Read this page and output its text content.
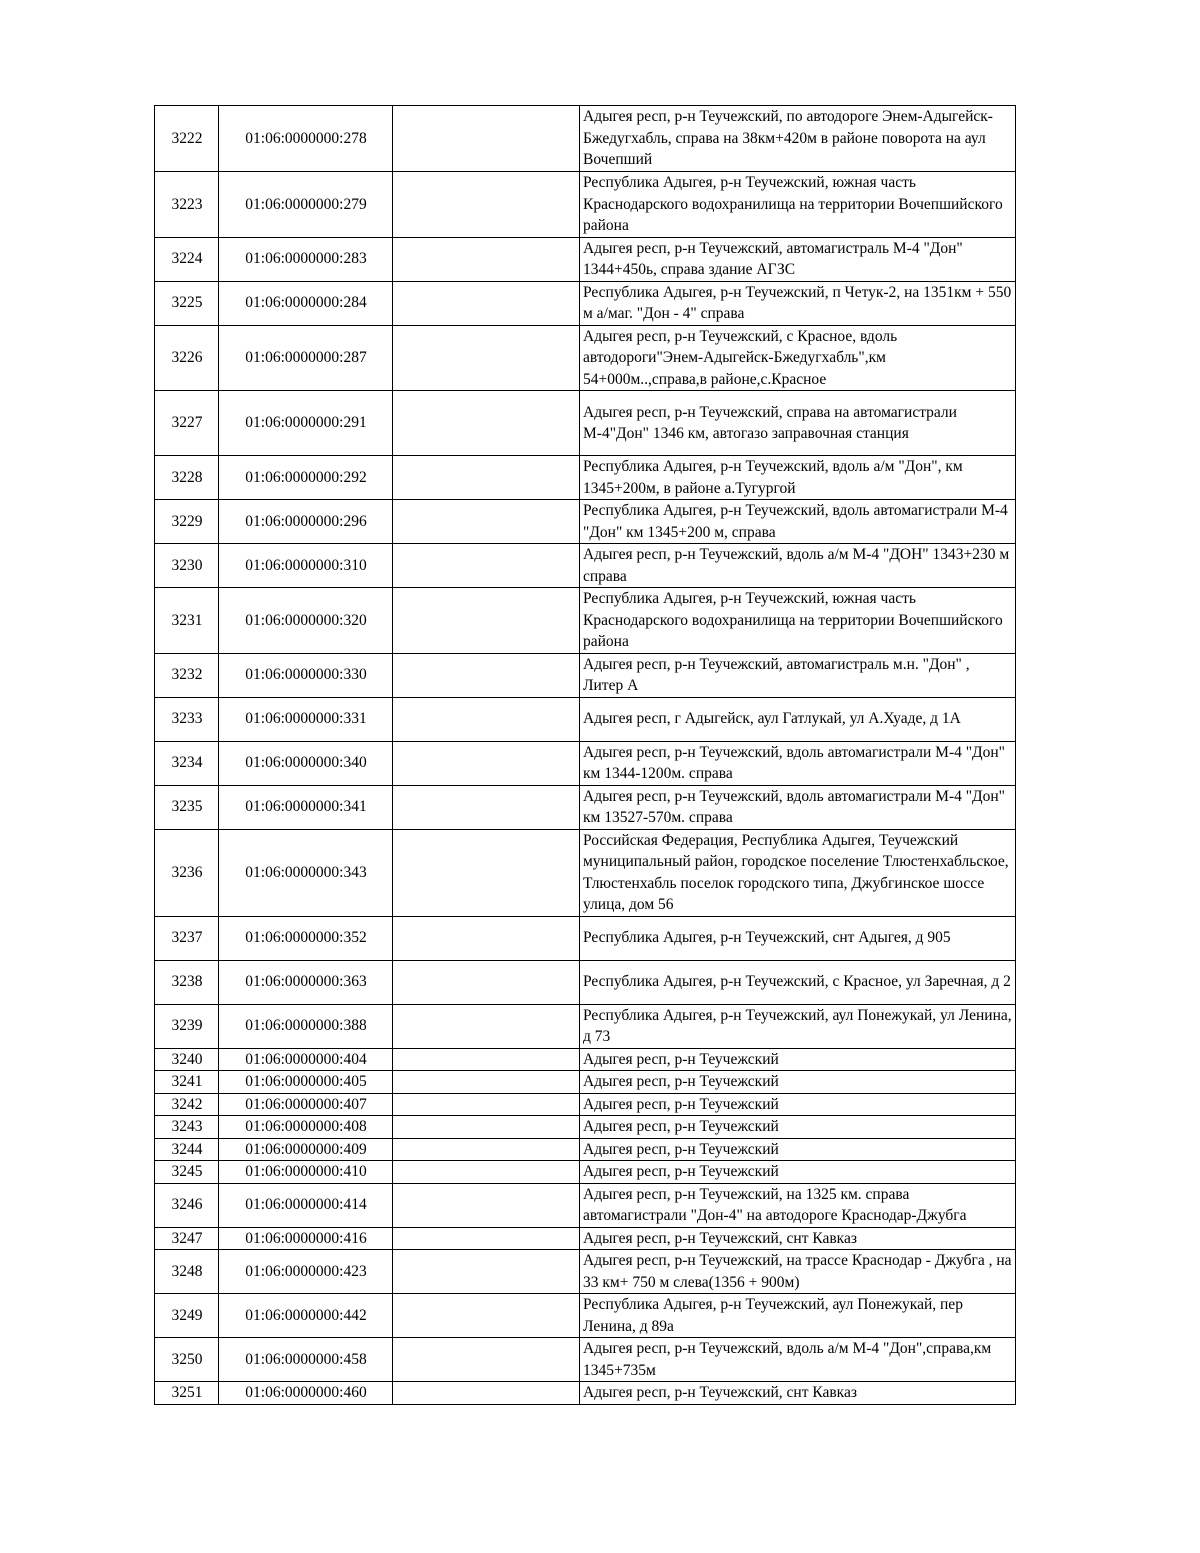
3222	01:06:0000000:278		Адыгея респ, р-н Теучежский, по автодороге Энем-Адыгейск-Бжедугхабль, справа на 38км+420м в районе поворота на аул Вочепший
3223	01:06:0000000:279		Республика Адыгея, р-н Теучежский, южная часть Краснодарского водохранилища на территории Вочепшийского района
3224	01:06:0000000:283		Адыгея респ, р-н Теучежский, автомагистраль М-4 "Дон" 1344+450ь, справа здание АГЗС
3225	01:06:0000000:284		Республика Адыгея, р-н Теучежский, п Четук-2, на 1351км + 550 м а/маг. "Дон - 4" справа
3226	01:06:0000000:287		Адыгея респ, р-н Теучежский, с Красное, вдоль автодороги"Энем-Адыгейск-Бжедугхабль",км 54+000м..,справа,в районе,с.Красное
3227	01:06:0000000:291		Адыгея респ, р-н Теучежский, справа на автомагистрали М-4"Дон" 1346 км, автогазо заправочная станция
3228	01:06:0000000:292		Республика Адыгея, р-н Теучежский, вдоль а/м "Дон", км 1345+200м, в районе а.Тугургой
3229	01:06:0000000:296		Республика Адыгея, р-н Теучежский, вдоль автомагистрали М-4 "Дон" км 1345+200 м, справа
3230	01:06:0000000:310		Адыгея респ, р-н Теучежский, вдоль а/м М-4 "ДОН" 1343+230 м справа
3231	01:06:0000000:320		Республика Адыгея, р-н Теучежский, южная часть Краснодарского водохранилища на территории Вочепшийского района
3232	01:06:0000000:330		Адыгея респ, р-н Теучежский, автомагистраль м.н. "Дон" , Литер А
3233	01:06:0000000:331		Адыгея респ, г Адыгейск, аул Гатлукай, ул А.Хуаде, д 1А
3234	01:06:0000000:340		Адыгея респ, р-н Теучежский, вдоль автомагистрали М-4 "Дон" км 1344-1200м. справа
3235	01:06:0000000:341		Адыгея респ, р-н Теучежский, вдоль автомагистрали М-4 "Дон" км 13527-570м. справа
3236	01:06:0000000:343		Российская Федерация, Республика Адыгея, Теучежский муниципальный район, городское поселение Тлюстенхабльское, Тлюстенхабль поселок городского типа, Джубгинское шоссе улица, дом 56
3237	01:06:0000000:352		Республика Адыгея, р-н Теучежский, снт Адыгея, д 905
3238	01:06:0000000:363		Республика Адыгея, р-н Теучежский, с Красное, ул Заречная, д 2
3239	01:06:0000000:388		Республика Адыгея, р-н Теучежский, аул Понежукай, ул Ленина, д 73
3240	01:06:0000000:404		Адыгея респ, р-н Теучежский
3241	01:06:0000000:405		Адыгея респ, р-н Теучежский
3242	01:06:0000000:407		Адыгея респ, р-н Теучежский
3243	01:06:0000000:408		Адыгея респ, р-н Теучежский
3244	01:06:0000000:409		Адыгея респ, р-н Теучежский
3245	01:06:0000000:410		Адыгея респ, р-н Теучежский
3246	01:06:0000000:414		Адыгея респ, р-н Теучежский, на 1325 км. справа автомагистрали "Дон-4" на автодороге Краснодар-Джубга
3247	01:06:0000000:416		Адыгея респ, р-н Теучежский, снт Кавказ
3248	01:06:0000000:423		Адыгея респ, р-н Теучежский, на трассе Краснодар - Джубга , на 33 км+ 750 м слева(1356 + 900м)
3249	01:06:0000000:442		Республика Адыгея, р-н Теучежский, аул Понежукай, пер Ленина, д 89а
3250	01:06:0000000:458		Адыгея респ, р-н Теучежский, вдоль а/м М-4 "Дон",справа,км 1345+735м
3251	01:06:0000000:460		Адыгея респ, р-н Теучежский, снт Кавказ
